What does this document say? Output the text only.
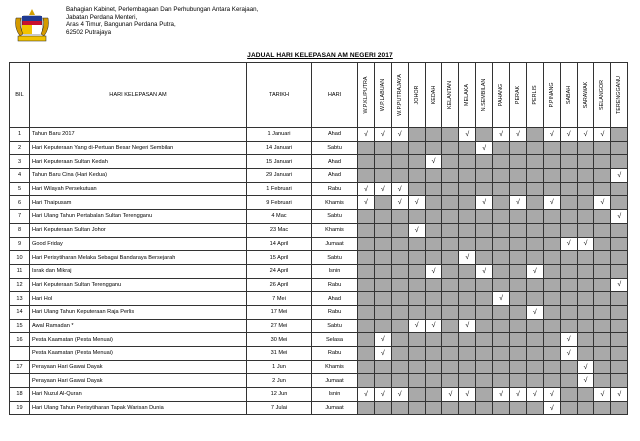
Bahagian Kabinet, Perlembagaan Dan Perhubungan Antara Kerajaan,
Jabatan Perdana Menteri,
Aras 4 Timur, Bangunan Perdana Putra,
62502 Putrajaya
JADUAL HARI KELEPASAN AM NEGERI 2017
BIL	HARI KELEPASAN AM	TARIKH	HARI	W.P.KL/PUTRA	W.P.LABUAN	W.P.PUTRAJAYA	JOHOR	KEDAH	KELANTAN	MELAKA	N.SEMBILAN	PAHANG	PERAK	PERLIS	P.PINANG	SABAH	SARAWAK	SELANGOR	TERENGGANU

1	Tahun Baru 2017	1 Januari	Ahad	√	√	√				√		√	√		√	√	√	√	
2	Hari Keputeraan Yang di-Pertuan Besar Negeri Sembilan	14 Januari	Sabtu								√								
3	Hari Keputeraan Sultan Kedah	15 Januari	Ahad					√											
4	Tahun Baru Cina (Hari Kedua)	29 Januari	Ahad																√
5	Hari Wilayah Persekutuan	1 Februari	Rabu	√	√	√													
6	Hari Thaipusam	9 Februari	Khamis	√		√	√				√		√		√			√	
7	Hari Ulang Tahun Pertabalan Sultan Terengganu	4 Mac	Sabtu																√
8	Hari Keputeraan Sultan Johor	23 Mac	Khamis				√												
9	Good Friday	14 April	Jumaat													√	√		
10	Hari Perisytiharan Melaka Sebagai Bandaraya Bersejarah	15 April	Sabtu							√									
11	Israk dan Mikraj	24 April	Isnin					√			√			√					
12	Hari Keputeraan Sultan Terengganu	26 April	Rabu																√
13	Hari Hol	7 Mei	Ahad									√							
14	Hari Ulang Tahun Keputeraan Raja Perlis	17 Mei	Rabu											√					
15	Awal Ramadan *	27 Mei	Sabtu				√	√		√									
16	Pesta Kaamatan (Pesta Menuai)	30 Mei	Selasa		√											√			
	Pesta Kaamatan (Pesta Menuai)	31 Mei	Rabu		√											√			
17	Perayaan Hari Gawai Dayak	1 Jun	Khamis														√		
	Perayaan Hari Gawai Dayak	2 Jun	Jumaat														√		
18	Hari Nuzul Al-Quran	12 Jun	Isnin	√	√	√			√	√		√	√	√	√			√	√
19	Hari Ulang Tahun Perisytiharan Tapak Warisan Dunia	7 Julai	Jumaat												√				
